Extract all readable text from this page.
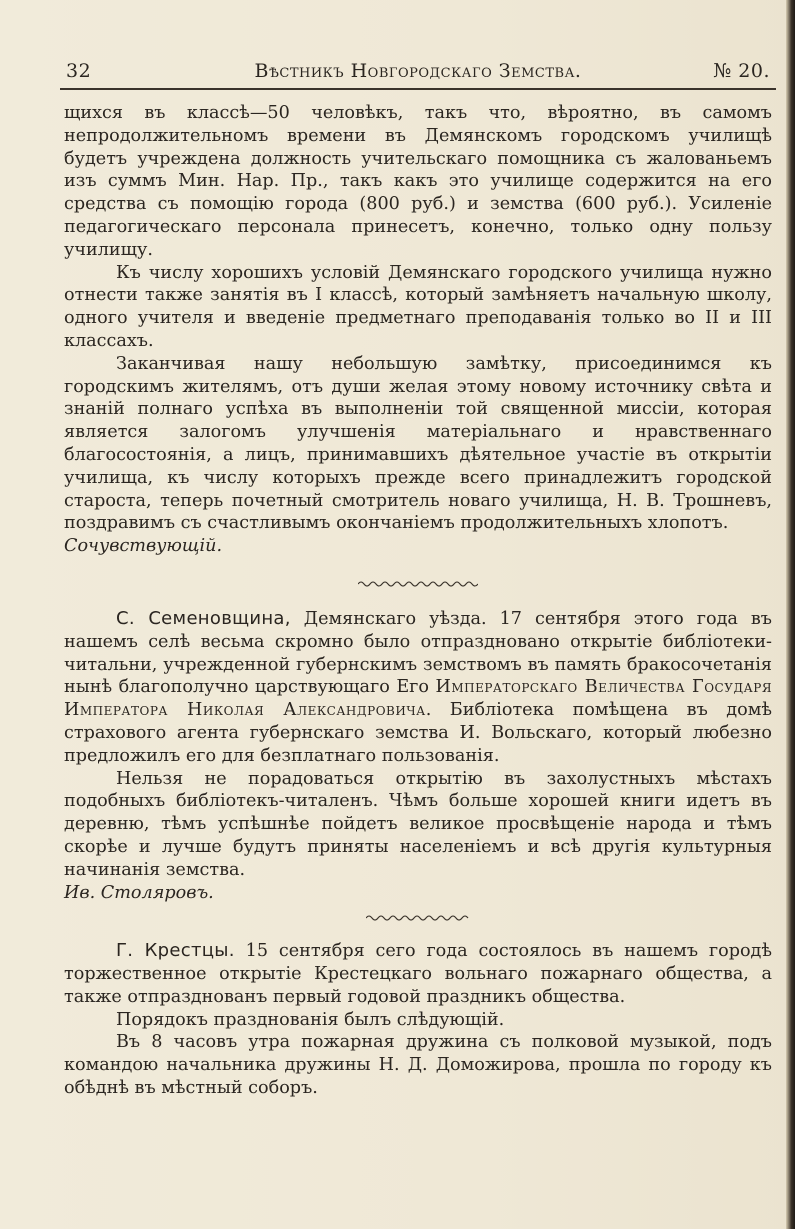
32	Вѣстникъ Новгородскаго Земства.	№ 20.

щихся въ классѣ—50 человѣкъ, такъ что, вѣроятно, въ самомъ непродолжительномъ времени въ Демянскомъ городскомъ училищѣ будетъ учреждена должность учительскаго помощника съ жалованьемъ изъ суммъ Мин. Нар. Пр., такъ какъ это училище содержится на его средства съ помощію города (800 руб.) и земства (600 руб.). Усиленіе педагогическаго персонала принесетъ, конечно, только одну пользу училищу.

Къ числу хорошихъ условій Демянскаго городского училища нужно отнести также занятія въ I классѣ, который замѣняетъ начальную школу, одного учителя и введеніе предметнаго преподаванія только во II и III классахъ.

Заканчивая нашу небольшую замѣтку, присоединимся къ городскимъ жителямъ, отъ души желая этому новому источнику свѣта и знаній полнаго успѣха въ выполненіи той священной миссіи, которая является залогомъ улучшенія матеріальнаго и нравственнаго благосостоянія, а лицъ, принимавшихъ дѣятельное участіе въ открытіи училища, къ числу которыхъ прежде всего принадлежитъ городской староста, теперь почетный смотритель новаго училища, Н. В. Трошневъ, поздравимъ съ счастливымъ окончаніемъ продолжительныхъ хлопотъ.

Сочувствующій.

С. Семеновщина, Демянскаго уѣзда. 17 сентября этого года въ нашемъ селѣ весьма скромно было отпраздновано открытіе библіотеки-читальни, учрежденной губернскимъ земствомъ въ память бракосочетанія нынѣ благополучно царствующаго Его Императорскаго Величества Государя Императора Николая Александровича. Библіотека помѣщена въ домѣ страхового агента губернскаго земства И. Вольскаго, который любезно предложилъ его для безплатнаго пользованія.

Нельзя не порадоваться открытію въ захолустныхъ мѣстахъ подобныхъ библіотекъ-читаленъ. Чѣмъ больше хорошей книги идетъ въ деревню, тѣмъ успѣшнѣе пойдетъ великое просвѣщеніе народа и тѣмъ скорѣе и лучше будутъ приняты населеніемъ и всѣ другія культурныя начинанія земства.

Ив. Столяровъ.

Г. Крестцы. 15 сентября сего года состоялось въ нашемъ городѣ торжественное открытіе Крестецкаго вольнаго пожарнаго общества, а также отпразднованъ первый годовой праздникъ общества.

Порядокъ празднованія былъ слѣдующій.

Въ 8 часовъ утра пожарная дружина съ полковой музыкой, подъ командою начальника дружины Н. Д. Доможирова, прошла по городу къ обѣднѣ въ мѣстный соборъ.
